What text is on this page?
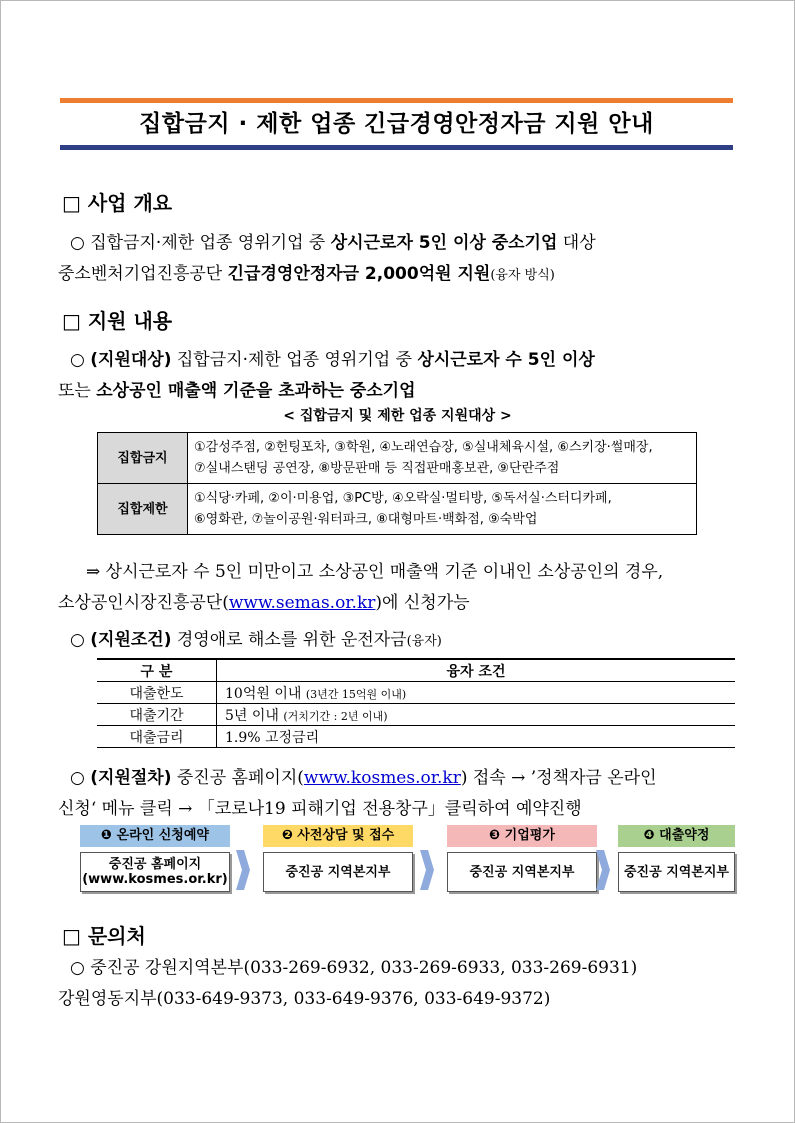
집합금지 · 제한 업종 긴급경영안정자금 지원 안내
□ 사업 개요
○ 집합금지·제한 업종 영위기업 중 상시근로자 5인 이상 중소기업 대상
중소벤처기업진흥공단 긴급경영안정자금 2,000억원 지원(융자 방식)
□ 지원 내용
○ (지원대상) 집합금지·제한 업종 영위기업 중 상시근로자 수 5인 이상
또는 소상공인 매출액 기준을 초과하는 중소기업
< 집합금지 및 제한 업종 지원대상 >
집합금지	①감성주점, ②헌팅포차, ③학원, ④노래연습장, ⑤실내체육시설, ⑥스키장·썰매장,
⑦실내스탠딩 공연장, ⑧방문판매 등 직접판매홍보관, ⑨단란주점

집합제한	①식당·카페, ②이·미용업, ③PC방, ④오락실·멀티방, ⑤독서실·스터디카페,
⑥영화관, ⑦놀이공원·워터파크, ⑧대형마트·백화점, ⑨숙박업
⇒ 상시근로자 수 5인 미만이고 소상공인 매출액 기준 이내인 소상공인의 경우,
소상공인시장진흥공단(www.semas.or.kr)에 신청가능
○ (지원조건) 경영애로 해소를 위한 운전자금(융자)
구 분	융자 조건
대출한도	10억원 이내 (3년간 15억원 이내)
대출기간	5년 이내 (거치기간 : 2년 이내)
대출금리	1.9% 고정금리
○ (지원절차) 중진공 홈페이지(www.kosmes.or.kr) 접속 → ’정책자금 온라인
신청‘ 메뉴 클릭 → 「코로나19 피해기업 전용창구」클릭하여 예약진행
❶ 온라인 신청예약
중진공 홈페이지
(www.kosmes.or.kr)
❷ 사전상담 및 접수
중진공 지역본지부
❸ 기업평가
중진공 지역본지부
❹ 대출약정
중진공 지역본지부
□ 문의처
○ 중진공 강원지역본부(033-269-6932, 033-269-6933, 033-269-6931)
강원영동지부(033-649-9373, 033-649-9376, 033-649-9372)
